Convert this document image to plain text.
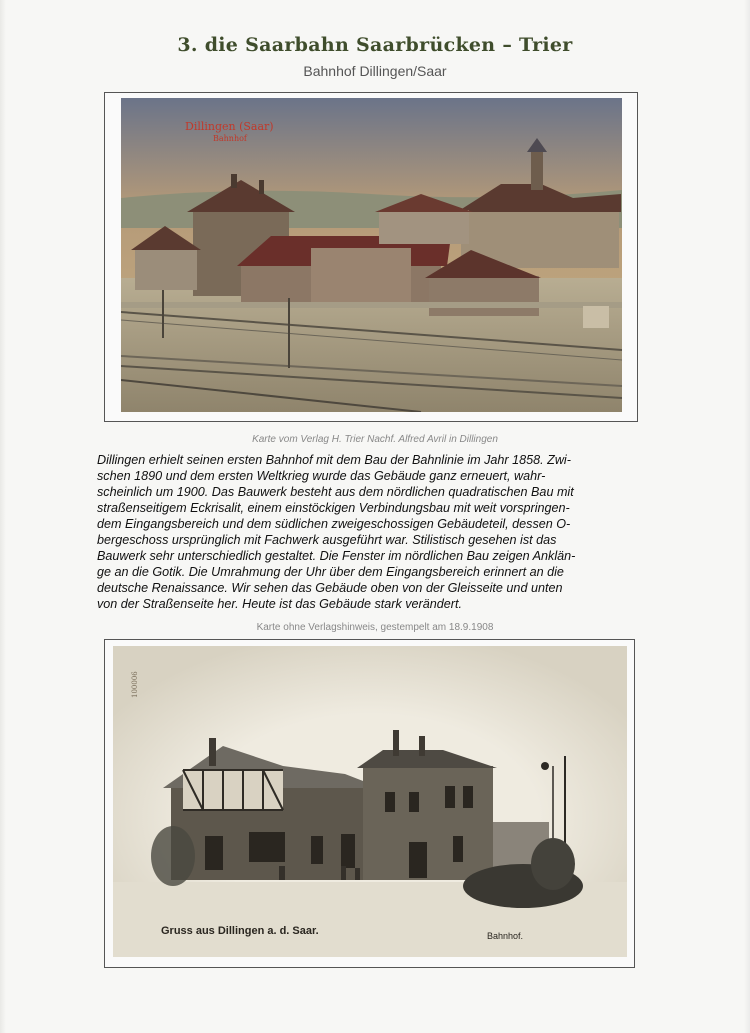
3. die Saarbahn Saarbrücken – Trier
Bahnhof Dillingen/Saar
Dillingen (Saar)
Bahnhof
Karte vom Verlag H. Trier Nachf. Alfred Avril in Dillingen
Dillingen erhielt seinen ersten Bahnhof mit dem Bau der Bahnlinie im Jahr 1858. Zwi-
schen 1890 und dem ersten Weltkrieg wurde das Gebäude ganz erneuert, wahr-
scheinlich um 1900. Das Bauwerk besteht aus dem nördlichen quadratischen Bau mit
straßenseitigem Eckrisalit, einem einstöckigen Verbindungsbau mit weit vorspringen-
dem Eingangsbereich und dem südlichen zweigeschossigen Gebäudeteil, dessen O-
bergeschoss ursprünglich mit Fachwerk ausgeführt war. Stilistisch gesehen ist das
Bauwerk sehr unterschiedlich gestaltet. Die Fenster im nördlichen Bau zeigen Anklän-
ge an die Gotik. Die Umrahmung der Uhr über dem Eingangsbereich erinnert an die
deutsche Renaissance. Wir sehen das Gebäude oben von der Gleisseite und unten
von der Straßenseite her. Heute ist das Gebäude stark verändert.
Karte ohne Verlagshinweis, gestempelt am 18.9.1908
100006
Gruss aus Dillingen a. d. Saar.	Bahnhof.
